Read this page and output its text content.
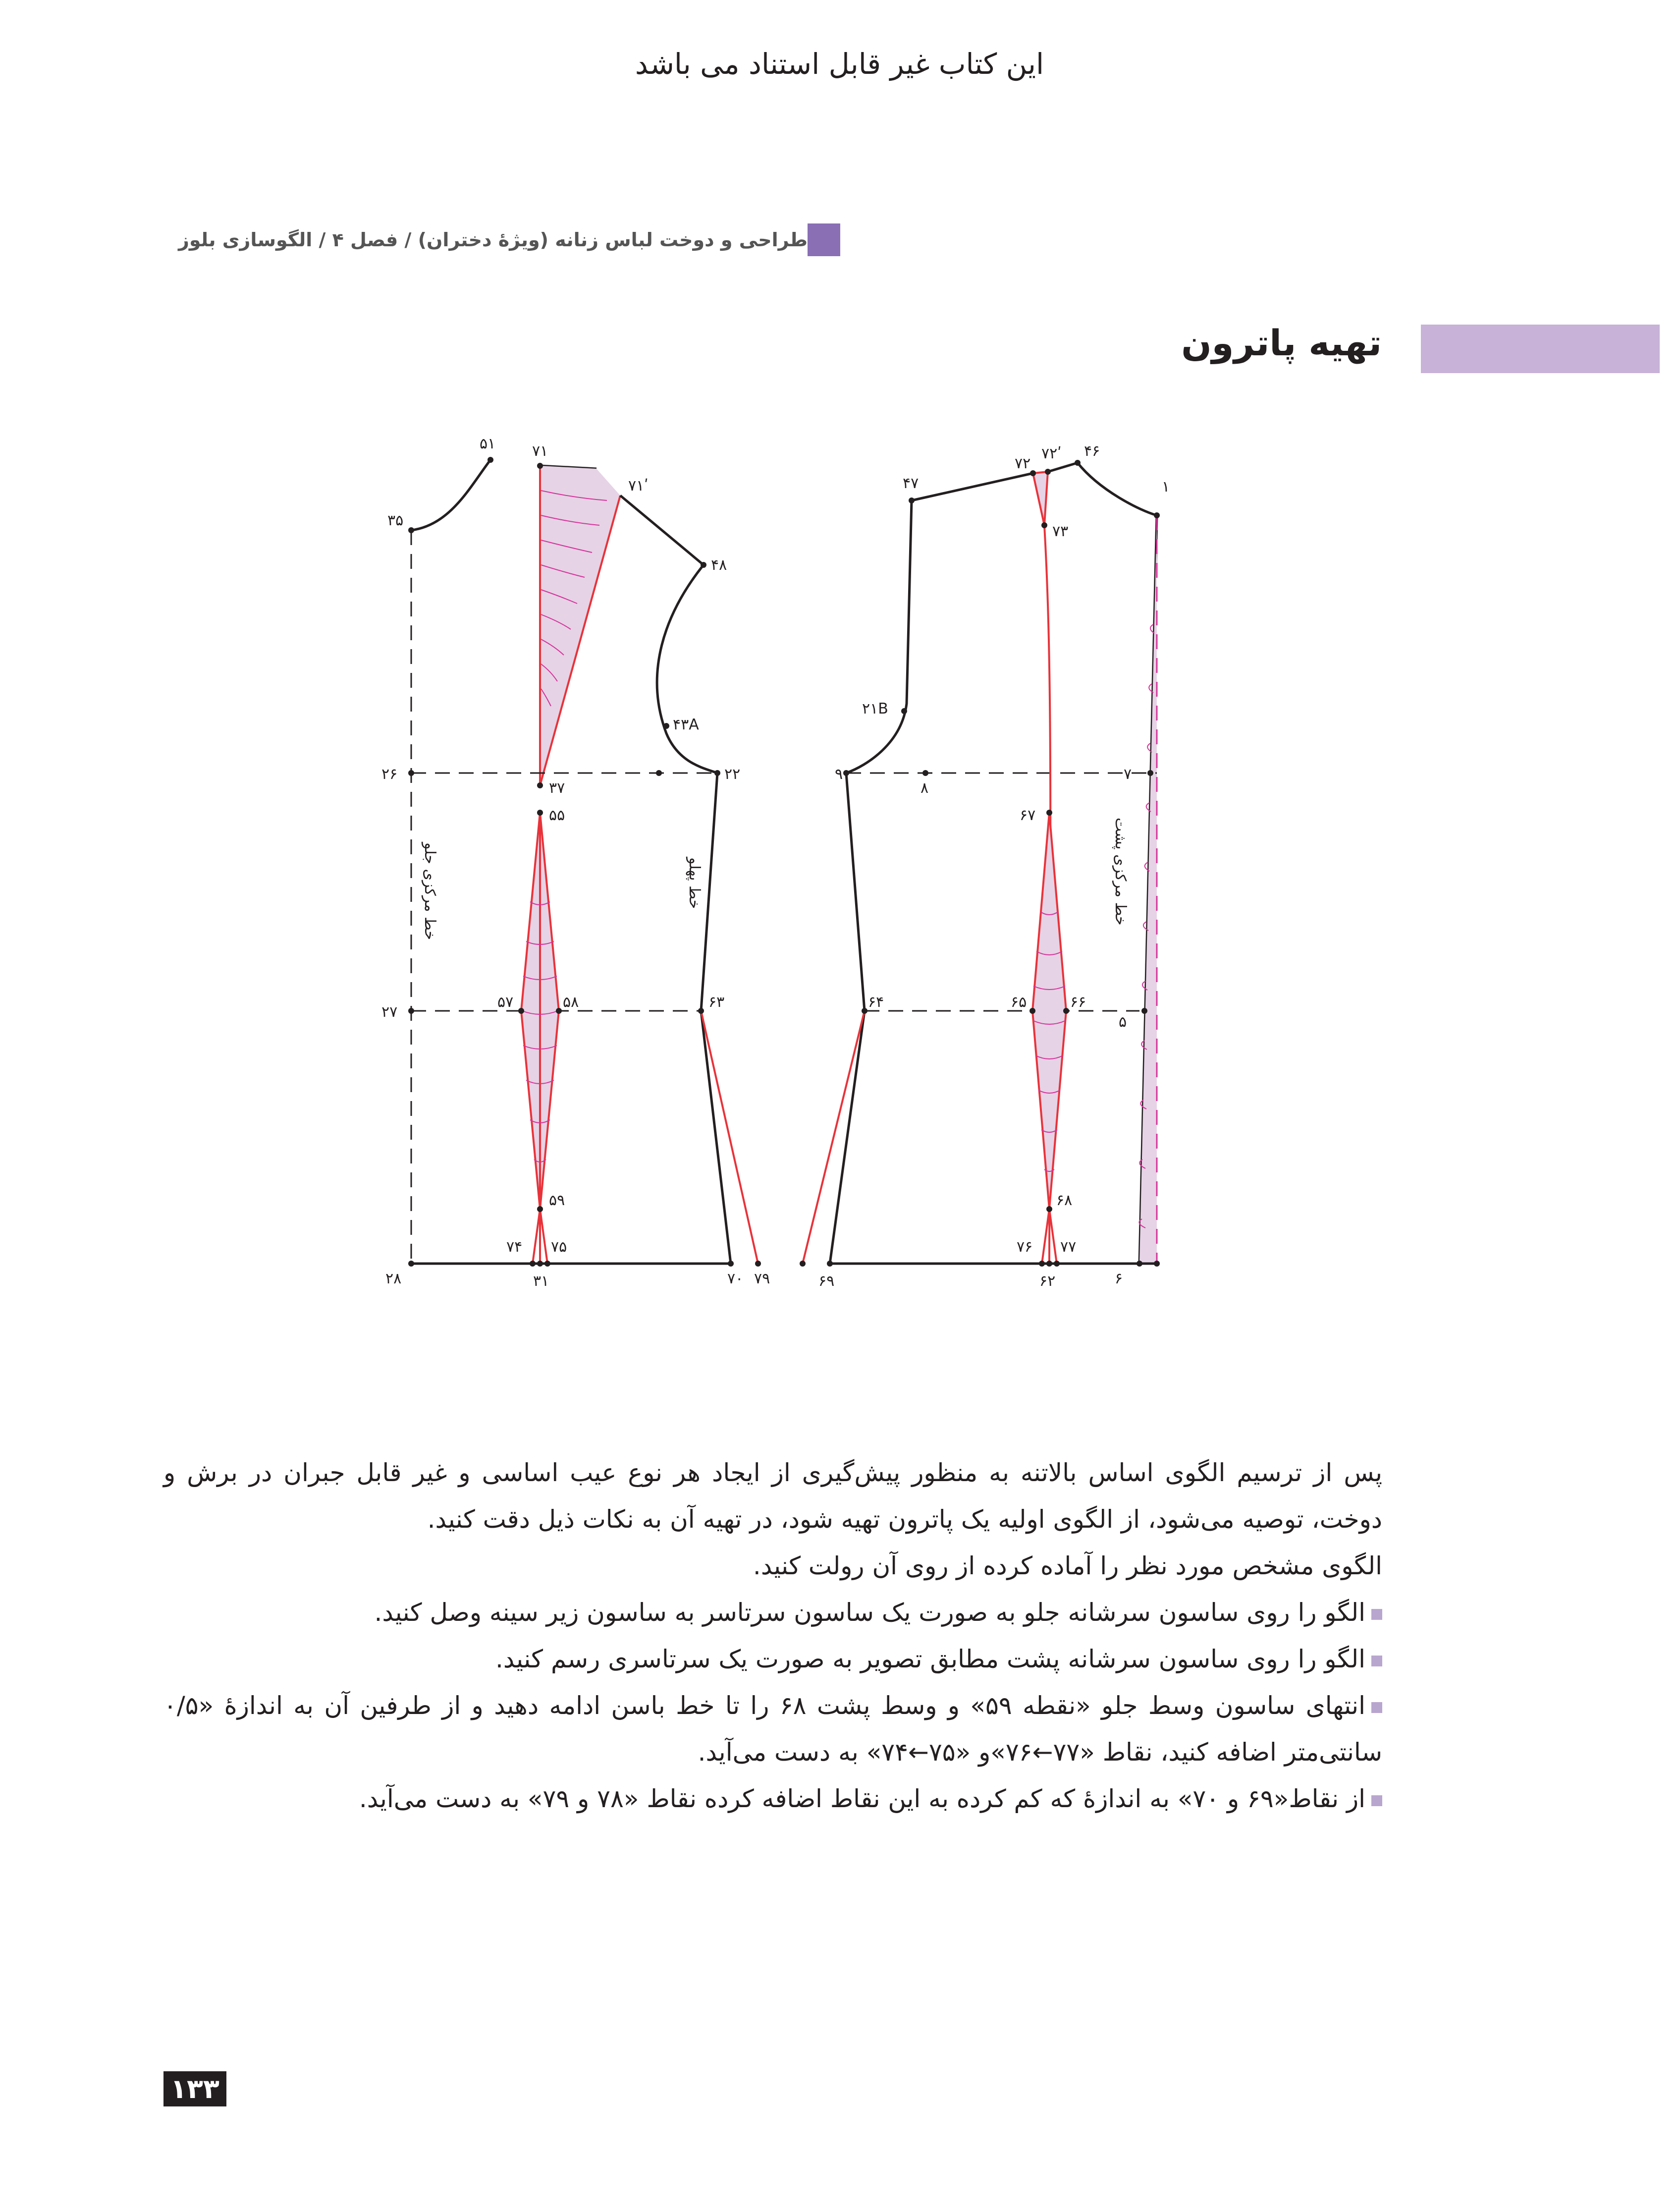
این کتاب غیر قابل استناد می باشد
طراحی و دوخت لباس زنانه (ویژۀ دختران) / فصل ۴ / الگوسازی بلوز
تهیه پاترون
۵۱ ۷۱
۷۱ʹ
۳۵
۴۸
۴۳A
۲۶	۲۲
۳۷
۵۵
۲۷
۵۷	۵۸	۶۳
۵۹
۷۴ ۷۵
۲۸	۳۱	۷۰ ۷۹
خط مرکزی جلو	خط پهلو
۴۷
۷۲
۷۲ʹ ۴۶
۱
۷۳
۲۱B
۹
۸
۷
۶۷
۶۴	۶۵	۶۶
۵
۶۸
۷۶ ۷۷
۶۹	۶۲	۶
خط مرکزی پشت

پس از ترسیم الگوی اساس بالاتنه به منظور پیش‌گیری از ایجاد هر نوع عیب اساسی و غیر قابل جبران در برش و دوخت، توصیه می‌شود، از الگوی اولیه یک پاترون تهیه شود، در تهیه آن به نکات ذیل دقت کنید.

الگوی مشخص مورد نظر را آماده کرده از روی آن رولت کنید.

الگو را روی ساسون سرشانه جلو به صورت یک ساسون سرتاسر به ساسون زیر سینه وصل کنید.

الگو را روی ساسون سرشانه پشت مطابق تصویر به صورت یک سرتاسری رسم کنید.

انتهای ساسون وسط جلو «نقطه ۵۹» و وسط پشت ۶۸ را تا خط باسن ادامه دهید و از طرفین آن به اندازهٔ «۰/۵ سانتی‌متر اضافه کنید، نقاط «۷۷←۷۶»و «۷۵←۷۴» به دست می‌آید.

از نقاط«۶۹ و ۷۰» به اندازهٔ که کم کرده به این نقاط اضافه کرده نقاط «۷۸ و ۷۹» به دست می‌آید.

۱۳۳
